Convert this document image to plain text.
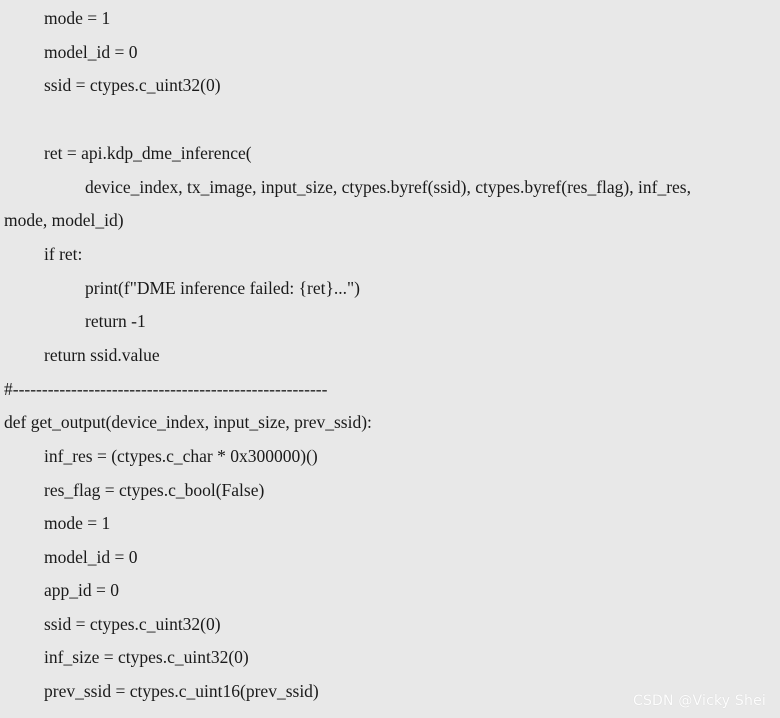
mode = 1
model_id = 0
ssid = ctypes.c_uint32(0)
ret = api.kdp_dme_inference(
device_index, tx_image, input_size, ctypes.byref(ssid), ctypes.byref(res_flag), inf_res,
mode, model_id)
if ret:
print(f"DME inference failed: {ret}...")
return -1
return ssid.value
#------------------------------------------------------
def get_output(device_index, input_size, prev_ssid):
inf_res = (ctypes.c_char * 0x300000)()
res_flag = ctypes.c_bool(False)
mode = 1
model_id = 0
app_id = 0
ssid = ctypes.c_uint32(0)
inf_size = ctypes.c_uint32(0)
prev_ssid = ctypes.c_uint16(prev_ssid)	CSDN @Vicky Shei
